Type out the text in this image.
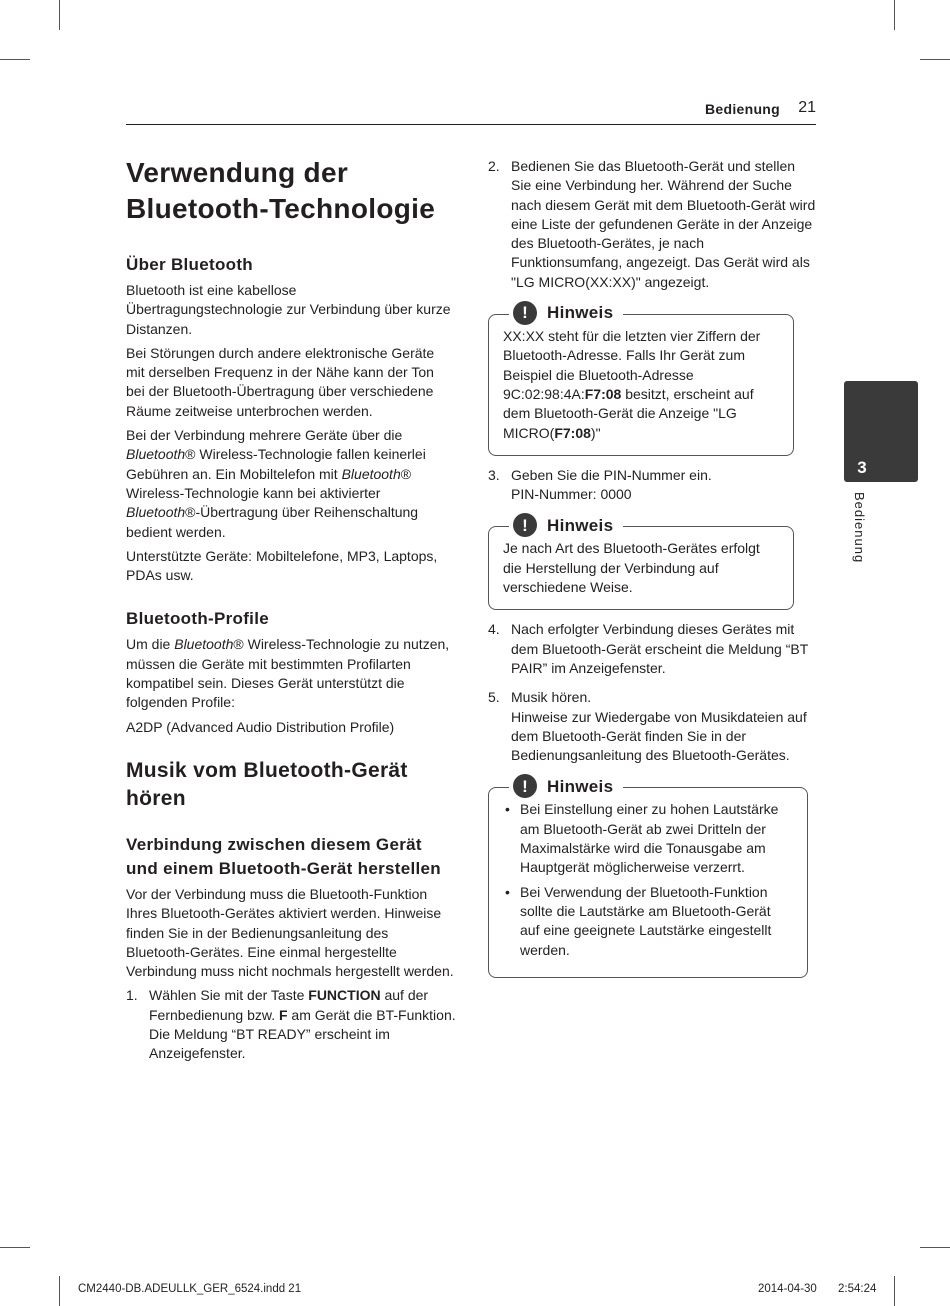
Bedienung 21
3
Bedienung
Verwendung der Bluetooth-Technologie
Über Bluetooth

Bluetooth ist eine kabellose Übertragungstechnologie zur Verbindung über kurze Distanzen.

Bei Störungen durch andere elektronische Geräte mit derselben Frequenz in der Nähe kann der Ton bei der Bluetooth-Übertragung über verschiedene Räume zeitweise unterbrochen werden.

Bei der Verbindung mehrere Geräte über die Bluetooth® Wireless-Technologie fallen keinerlei Gebühren an. Ein Mobiltelefon mit Bluetooth® Wireless-Technologie kann bei aktivierter Bluetooth®-Übertragung über Reihenschaltung bedient werden.

Unterstützte Geräte: Mobiltelefone, MP3, Laptops, PDAs usw.

Bluetooth-Profile

Um die Bluetooth® Wireless-Technologie zu nutzen, müssen die Geräte mit bestimmten Profilarten kompatibel sein. Dieses Gerät unterstützt die folgenden Profile:

A2DP (Advanced Audio Distribution Profile)

Musik vom Bluetooth-Gerät hören
Verbindung zwischen diesem Gerät und einem Bluetooth-Gerät herstellen

Vor der Verbindung muss die Bluetooth-Funktion Ihres Bluetooth-Gerätes aktiviert werden. Hinweise finden Sie in der Bedienungsanleitung des Bluetooth-Gerätes. Eine einmal hergestellte Verbindung muss nicht nochmals hergestellt werden.

1. Wählen Sie mit der Taste FUNCTION auf der Fernbedienung bzw. F am Gerät die BT-Funktion. Die Meldung “BT READY” erscheint im Anzeigefenster.
2. Bedienen Sie das Bluetooth-Gerät und stellen Sie eine Verbindung her. Während der Suche nach diesem Gerät mit dem Bluetooth-Gerät wird eine Liste der gefundenen Geräte in der Anzeige des Bluetooth-Gerätes, je nach Funktionsumfang, angezeigt. Das Gerät wird als "LG MICRO(XX:XX)" angezeigt.
!	Hinweis
XX:XX steht für die letzten vier Ziffern der Bluetooth-Adresse. Falls Ihr Gerät zum Beispiel die Bluetooth-Adresse 9C:02:98:4A:F7:08 besitzt, erscheint auf dem Bluetooth-Gerät die Anzeige "LG MICRO(F7:08)"
3. Geben Sie die PIN-Nummer ein.
PIN-Nummer: 0000
!	Hinweis
Je nach Art des Bluetooth-Gerätes erfolgt die Herstellung der Verbindung auf verschiedene Weise.
4. Nach erfolgter Verbindung dieses Gerätes mit dem Bluetooth-Gerät erscheint die Meldung “BT PAIR” im Anzeigefenster.
5. Musik hören.
Hinweise zur Wiedergabe von Musikdateien auf dem Bluetooth-Gerät finden Sie in der Bedienungsanleitung des Bluetooth-Gerätes.
!	Hinweis
• Bei Einstellung einer zu hohen Lautstärke am Bluetooth-Gerät ab zwei Dritteln der Maximalstärke wird die Tonausgabe am Hauptgerät möglicherweise verzerrt.
• Bei Verwendung der Bluetooth-Funktion sollte die Lautstärke am Bluetooth-Gerät auf eine geeignete Lautstärke eingestellt werden.
CM2440-DB.ADEULLK_GER_6524.indd 21	2014-04-30 2:54:24
